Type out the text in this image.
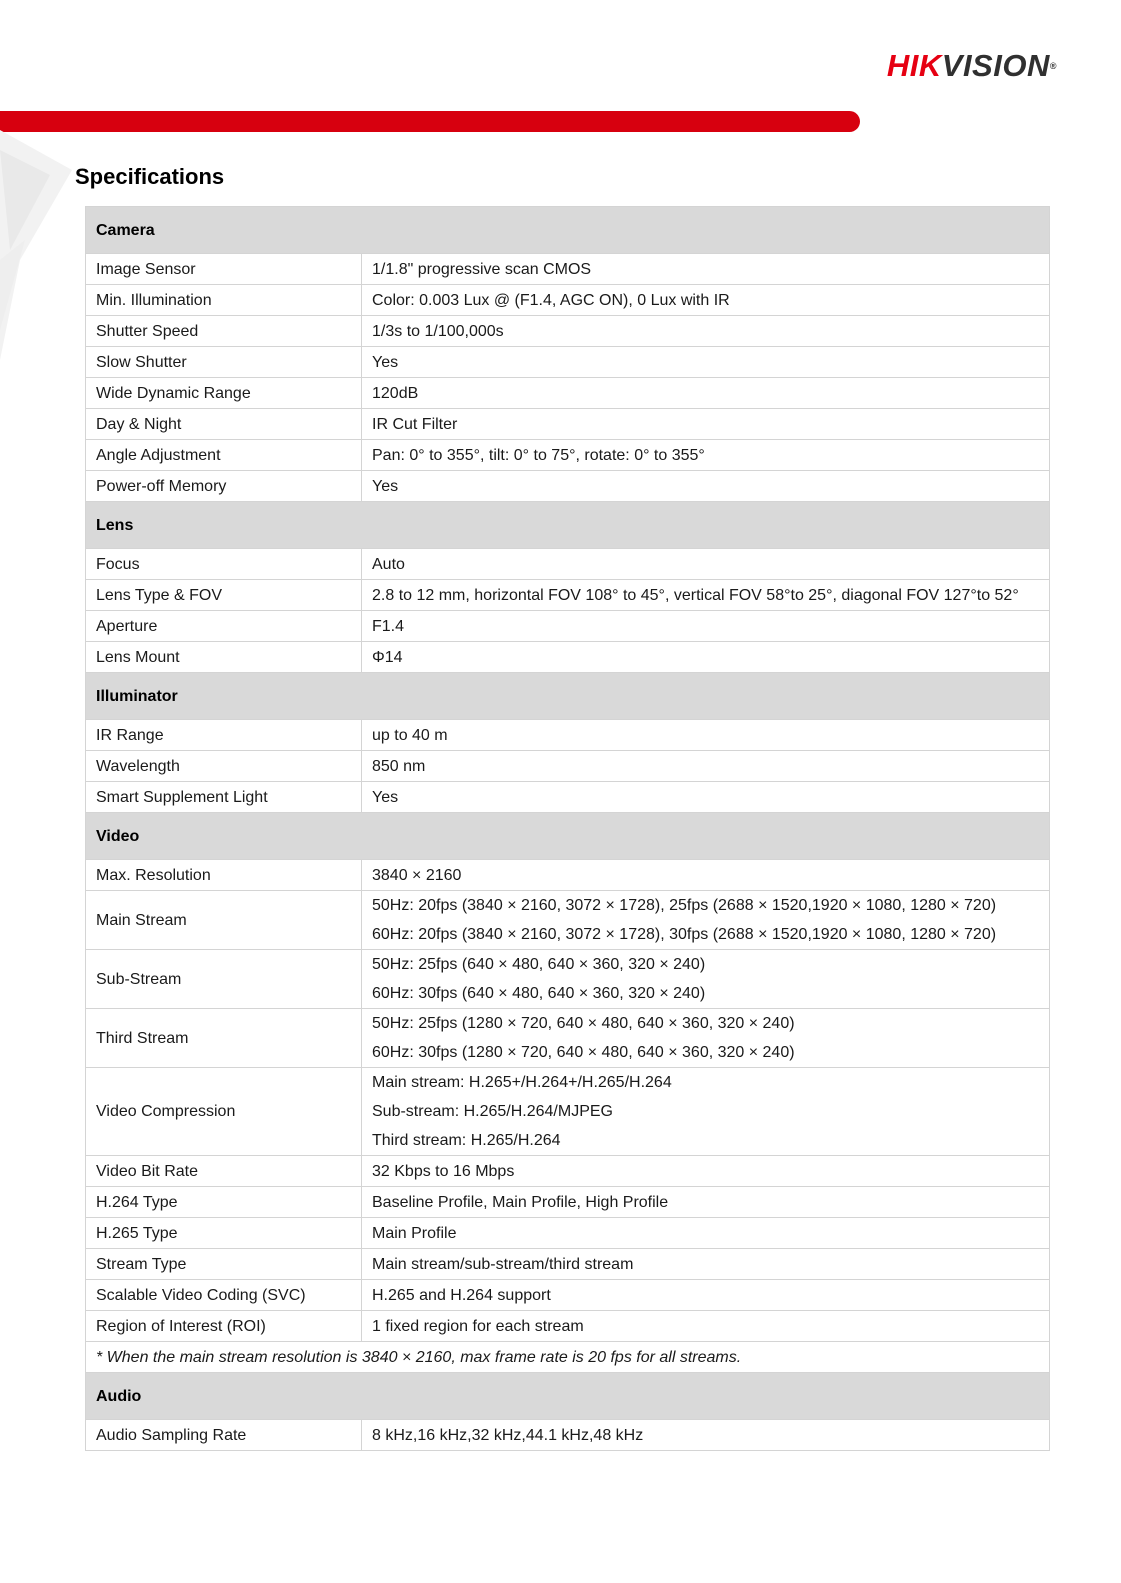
HIKVISION®
Specifications
Camera	
Image Sensor	1/1.8" progressive scan CMOS

Min. Illumination	Color: 0.003 Lux @ (F1.4, AGC ON), 0 Lux with IR

Shutter Speed	1/3s to 1/100,000s

Slow Shutter	Yes

Wide Dynamic Range	120dB

Day & Night	IR Cut Filter

Angle Adjustment	Pan: 0° to 355°, tilt: 0° to 75°, rotate: 0° to 355°

Power-off Memory	Yes

Lens	
Focus	Auto

Lens Type & FOV	2.8 to 12 mm, horizontal FOV 108° to 45°, vertical FOV 58°to 25°, diagonal FOV 127°to 52°

Aperture	F1.4

Lens Mount	Φ14

Illuminator	
IR Range	up to 40 m

Wavelength	850 nm

Smart Supplement Light	Yes

Video	
Max. Resolution	3840 × 2160

Main Stream	50Hz: 20fps (3840 × 2160, 3072 × 1728), 25fps (2688 × 1520,1920 × 1080, 1280 × 720)
60Hz: 20fps (3840 × 2160, 3072 × 1728), 30fps (2688 × 1520,1920 × 1080, 1280 × 720)

Sub-Stream	50Hz: 25fps (640 × 480, 640 × 360, 320 × 240)
60Hz: 30fps (640 × 480, 640 × 360, 320 × 240)

Third Stream	50Hz: 25fps (1280 × 720, 640 × 480, 640 × 360, 320 × 240)
60Hz: 30fps (1280 × 720, 640 × 480, 640 × 360, 320 × 240)

Video Compression	Main stream: H.265+/H.264+/H.265/H.264
Sub-stream: H.265/H.264/MJPEG
Third stream: H.265/H.264

Video Bit Rate	32 Kbps to 16 Mbps

H.264 Type	Baseline Profile, Main Profile, High Profile

H.265 Type	Main Profile

Stream Type	Main stream/sub-stream/third stream

Scalable Video Coding (SVC)	H.265 and H.264 support

Region of Interest (ROI)	1 fixed region for each stream

* When the main stream resolution is 3840 × 2160, max frame rate is 20 fps for all streams.	
Audio	
Audio Sampling Rate	8 kHz,16 kHz,32 kHz,44.1 kHz,48 kHz
